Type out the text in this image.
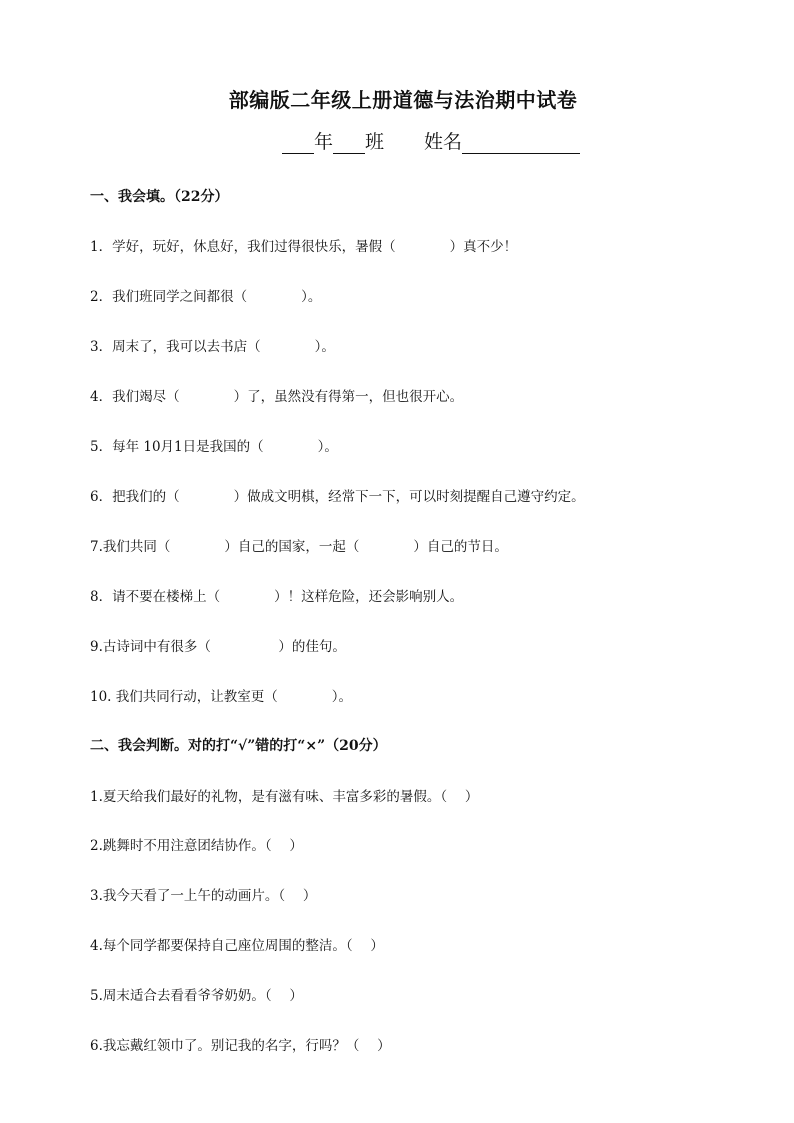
部编版二年级上册道德与法治期中试卷
年 班 姓名
一、我会填。（22分）
1．学好，玩好，休息好，我们过得很快乐，暑假（　　　　）真不少！
2．我们班同学之间都很（　　　　）。
3．周末了，我可以去书店（　　　　）。
4．我们竭尽（　　　　）了，虽然没有得第一，但也很开心。
5．每年 10月1日是我国的（　　　　）。
6．把我们的（　　　　）做成文明棋，经常下一下，可以时刻提醒自己遵守约定。
7.我们共同（　　　　）自己的国家，一起（　　　　）自己的节日。
8．请不要在楼梯上（　　　　）！这样危险，还会影响别人。
9.古诗词中有很多（　　　　　）的佳句。
10. 我们共同行动，让教室更（　　　　）。
二、我会判断。对的打“√”错的打“×”（20分）
1.夏天给我们最好的礼物，是有滋有味、丰富多彩的暑假。（　 ）
2.跳舞时不用注意团结协作。（　 ）
3.我今天看了一上午的动画片。（　 ）
4.每个同学都要保持自己座位周围的整洁。（　 ）
5.周末适合去看看爷爷奶奶。（　 ）
6.我忘戴红领巾了。别记我的名字，行吗？（　 ）
